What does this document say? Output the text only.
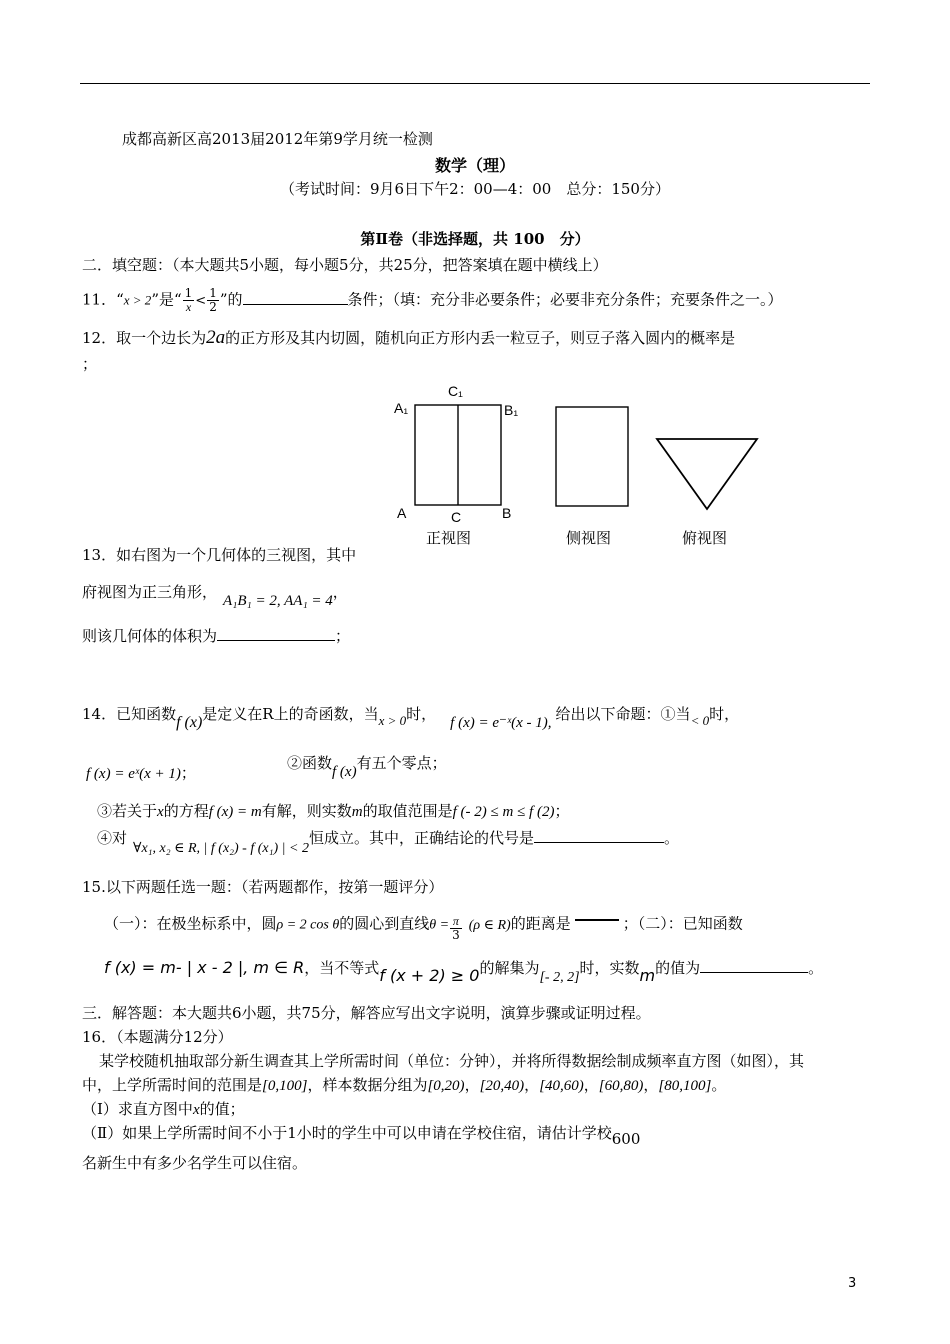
成都高新区高2013届2012年第9学月统一检测
数学（理）
（考试时间：9月6日下午2：00—4：00　总分：150分）
第Ⅱ卷（非选择题，共 100　分）
二．填空题：（本大题共5小题，每小题5分，共25分，把答案填在题中横线上）
11．“x > 2”是“ $\frac{1}{x} < \frac{1}{2}$ ”的	条件；（填：充分非必要条件；必要非充分条件；充要条件之一。）
12．取一个边长为2a的正方形及其内切圆，随机向正方形内丢一粒豆子，则豆子落入圆内的概率是
；
C₁
A₁	B₁
A	C	B
正视图	侧视图	俯视图
13．如右图为一个几何体的三视图，其中
府视图为正三角形， A₁B₁ = 2, AA₁ = 4，
则该几何体的体积为	；
14．已知函数f (x)是定义在R上的奇函数，当x > 0时， f (x) = e⁻ˣ(x - 1), 给出以下命题：①当< 0时，
f (x) = eˣ(x + 1)；
②函数f (x)有五个零点；
③若关于x的方程f (x) = m有解，则实数m的取值范围是f (- 2) ≤ m ≤ f (2)；
④对∀x₁, x₂ ∈ R, | f (x₂) - f (x₁) | < 2恒成立。其中，正确结论的代号是	。
15.以下两题任选一题：（若两题都作，按第一题评分）
（一）：在极坐标系中，圆ρ = 2 cos θ的圆心到直线$\theta = \frac{\pi}{3} (\rho$ ∈ R)的距离是	；（二）：已知函数
f (x) = m- | x - 2 |, m ∈ R，当不等式f (x + 2) ≥ 0的解集为[- 2, 2]时，实数m的值为	。
三．解答题：本大题共6小题，共75分，解答应写出文字说明，演算步骤或证明过程。
16．（本题满分12分）
某学校随机抽取部分新生调查其上学所需时间（单位：分钟），并将所得数据绘制成频率直方图（如图），其
中，上学所需时间的范围是[0,100]，样本数据分组为[0,20)，[20,40)，[40,60)，[60,80)，[80,100]。
（Ⅰ）求直方图中x的值；
（Ⅱ）如果上学所需时间不小于1小时的学生中可以申请在学校住宿，请估计学校600
名新生中有多少名学生可以住宿。
3
